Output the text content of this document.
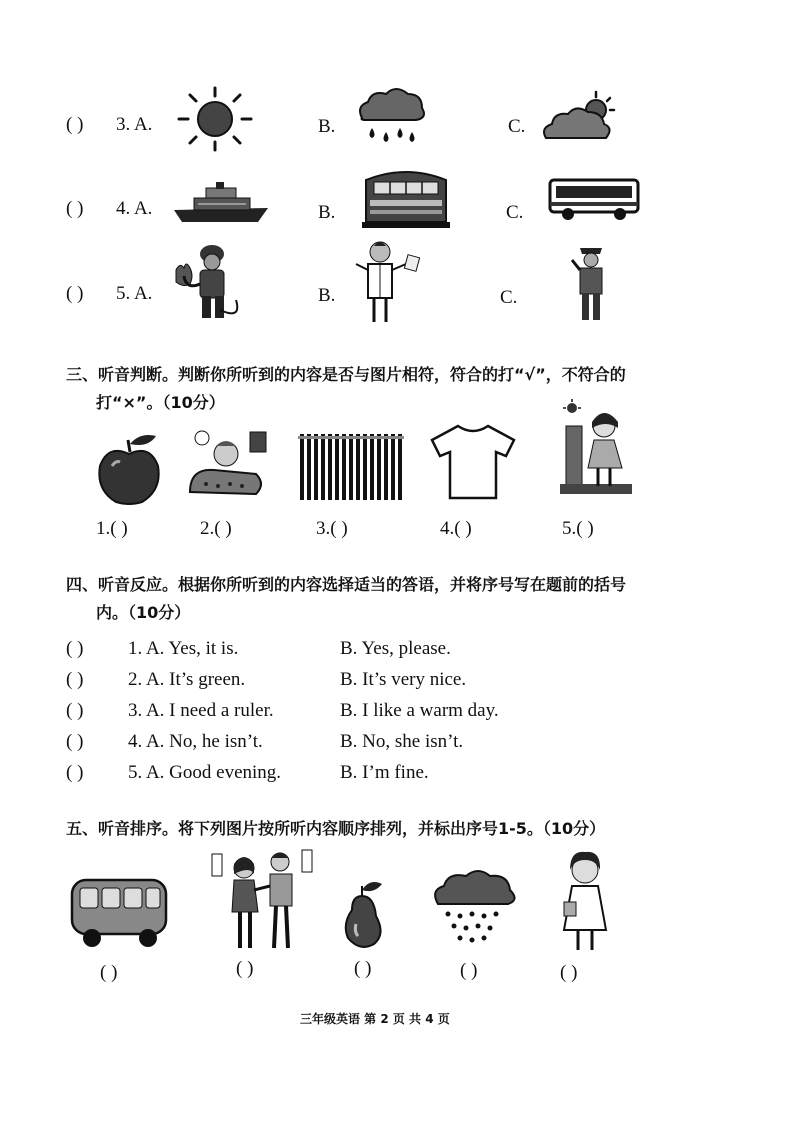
( ) 3. A.	B.	C.
( ) 4. A.	B.	C.
( ) 5. A.	B.	C.
三、听音判断。判断你所听到的内容是否与图片相符，符合的打“√”，不符合的
打“×”。（10分）
1.( )	2.( )	3.( )	4.( )	5.( )
四、听音反应。根据你所听到的内容选择适当的答语，并将序号写在题前的括号
内。（10分）
( ) 1. A. Yes, it is.	B. Yes, please.
( ) 2. A. It’s green.	B. It’s very nice.
( ) 3. A. I need a ruler.	B. I like a warm day.
( ) 4. A. No, he isn’t.	B. No, she isn’t.
( ) 5. A. Good evening.	B. I’m fine.
五、听音排序。将下列图片按所听内容顺序排列，并标出序号1-5。（10分）
( )	( )	( )	( )	( )
三年级英语 第 2 页 共 4 页
